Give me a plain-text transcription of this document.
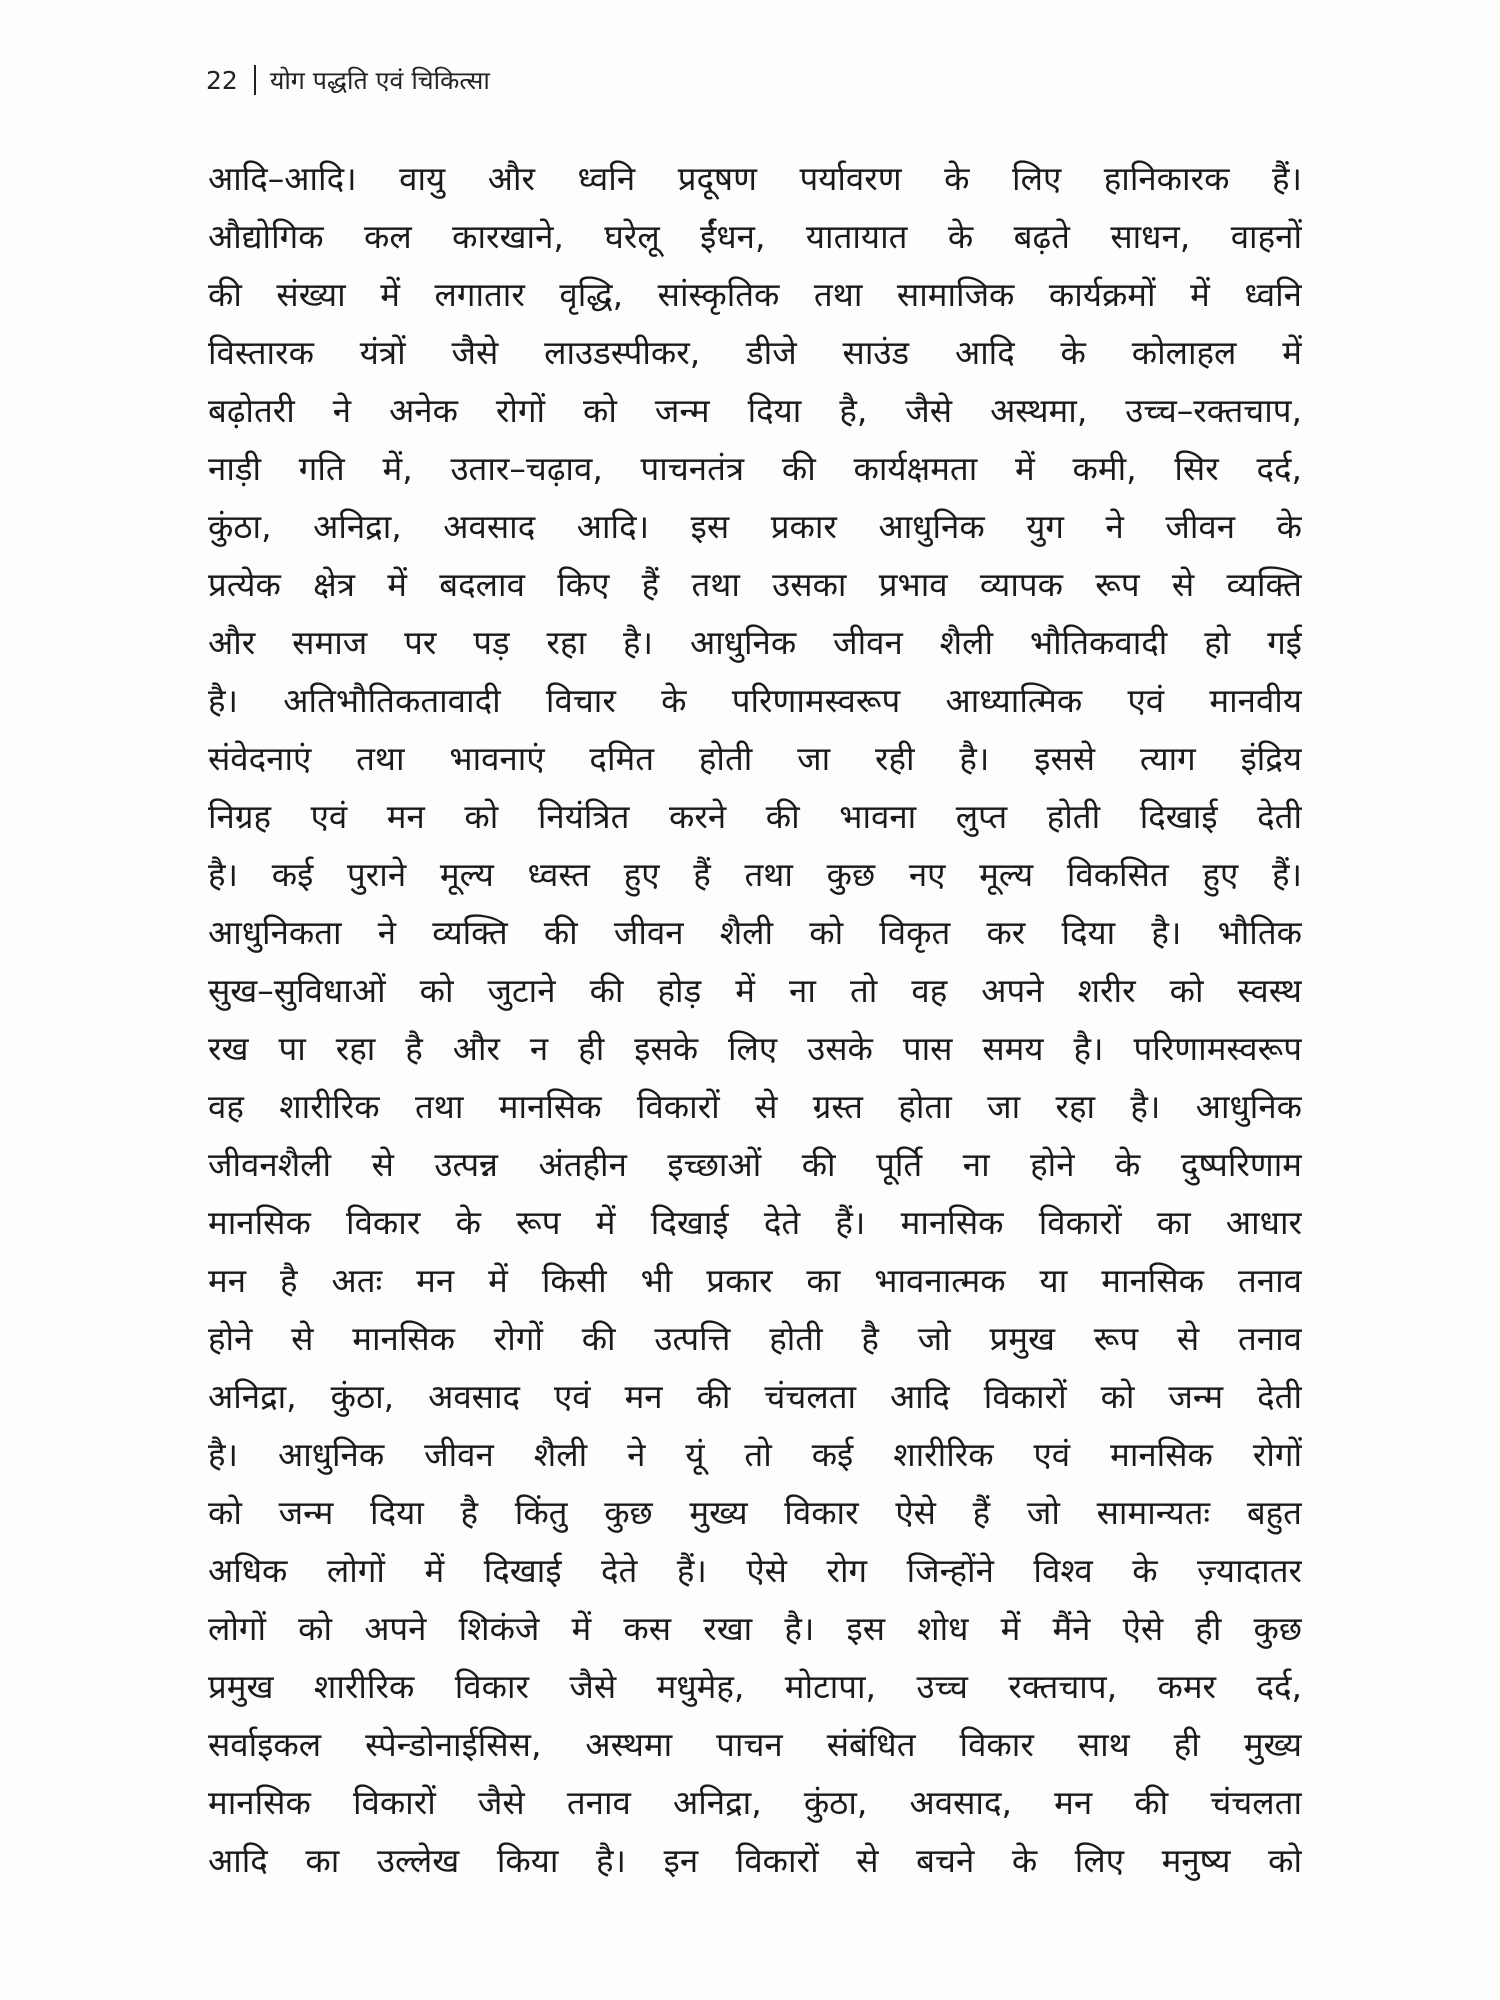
22 योग पद्धति एवं चिकित्सा
आदि–आदि। वायु और ध्वनि प्रदूषण पर्यावरण के लिए हानिकारक हैं।
औद्योगिक कल कारखाने, घरेलू ईंधन, यातायात के बढ़ते साधन, वाहनों
की संख्या में लगातार वृद्धि, सांस्कृतिक तथा सामाजिक कार्यक्रमों में ध्वनि
विस्तारक यंत्रों जैसे लाउडस्पीकर, डीजे साउंड आदि के कोलाहल में
बढ़ोतरी ने अनेक रोगों को जन्म दिया है, जैसे अस्थमा, उच्च–रक्तचाप,
नाड़ी गति में, उतार–चढ़ाव, पाचनतंत्र की कार्यक्षमता में कमी, सिर दर्द,
कुंठा, अनिद्रा, अवसाद आदि। इस प्रकार आधुनिक युग ने जीवन के
प्रत्येक क्षेत्र में बदलाव किए हैं तथा उसका प्रभाव व्यापक रूप से व्यक्ति
और समाज पर पड़ रहा है। आधुनिक जीवन शैली भौतिकवादी हो गई
है। अतिभौतिकतावादी विचार के परिणामस्वरूप आध्यात्मिक एवं मानवीय
संवेदनाएं तथा भावनाएं दमित होती जा रही है। इससे त्याग इंद्रिय
निग्रह एवं मन को नियंत्रित करने की भावना लुप्त होती दिखाई देती
है। कई पुराने मूल्य ध्वस्त हुए हैं तथा कुछ नए मूल्य विकसित हुए हैं।
आधुनिकता ने व्यक्ति की जीवन शैली को विकृत कर दिया है। भौतिक
सुख–सुविधाओं को जुटाने की होड़ में ना तो वह अपने शरीर को स्वस्थ
रख पा रहा है और न ही इसके लिए उसके पास समय है। परिणामस्वरूप
वह शारीरिक तथा मानसिक विकारों से ग्रस्त होता जा रहा है। आधुनिक
जीवनशैली से उत्पन्न अंतहीन इच्छाओं की पूर्ति ना होने के दुष्परिणाम
मानसिक विकार के रूप में दिखाई देते हैं। मानसिक विकारों का आधार
मन है अतः मन में किसी भी प्रकार का भावनात्मक या मानसिक तनाव
होने से मानसिक रोगों की उत्पत्ति होती है जो प्रमुख रूप से तनाव
अनिद्रा, कुंठा, अवसाद एवं मन की चंचलता आदि विकारों को जन्म देती
है। आधुनिक जीवन शैली ने यूं तो कई शारीरिक एवं मानसिक रोगों
को जन्म दिया है किंतु कुछ मुख्य विकार ऐसे हैं जो सामान्यतः बहुत
अधिक लोगों में दिखाई देते हैं। ऐसे रोग जिन्होंने विश्व के ज़्यादातर
लोगों को अपने शिकंजे में कस रखा है। इस शोध में मैंने ऐसे ही कुछ
प्रमुख शारीरिक विकार जैसे मधुमेह, मोटापा, उच्च रक्तचाप, कमर दर्द,
सर्वाइकल स्पेन्डोनाईसिस, अस्थमा पाचन संबंधित विकार साथ ही मुख्य
मानसिक विकारों जैसे तनाव अनिद्रा, कुंठा, अवसाद, मन की चंचलता
आदि का उल्लेख किया है। इन विकारों से बचने के लिए मनुष्य को
